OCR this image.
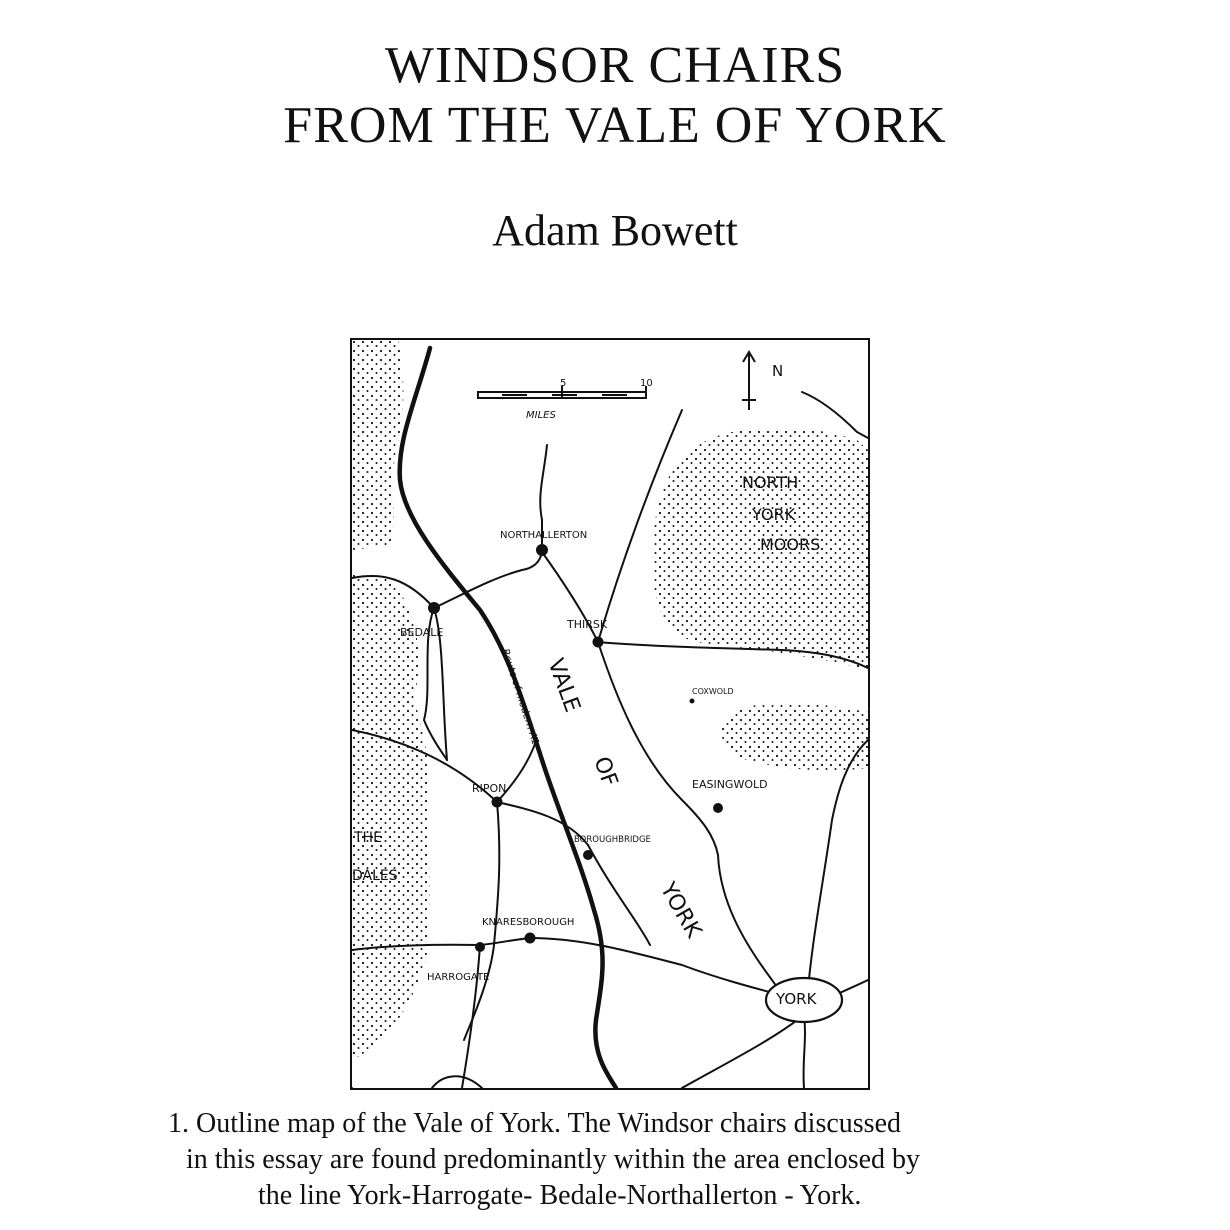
WINDSOR CHAIRS
FROM THE VALE OF YORK
Adam Bowett
5	10
MILES
N
NORTH
YORK
MOORS
THE
DALES
VALE
OF
YORK
Route of modern A1
NORTHALLERTON
BEDALE
THIRSK
COXWOLD
RIPON	EASINGWOLD
BOROUGHBRIDGE
KNARESBOROUGH
HARROGATE
YORK
1. Outline map of the Vale of York. The Windsor chairs discussed
in this essay are found predominantly within the area enclosed by
the line York-Harrogate- Bedale-Northallerton - York.
